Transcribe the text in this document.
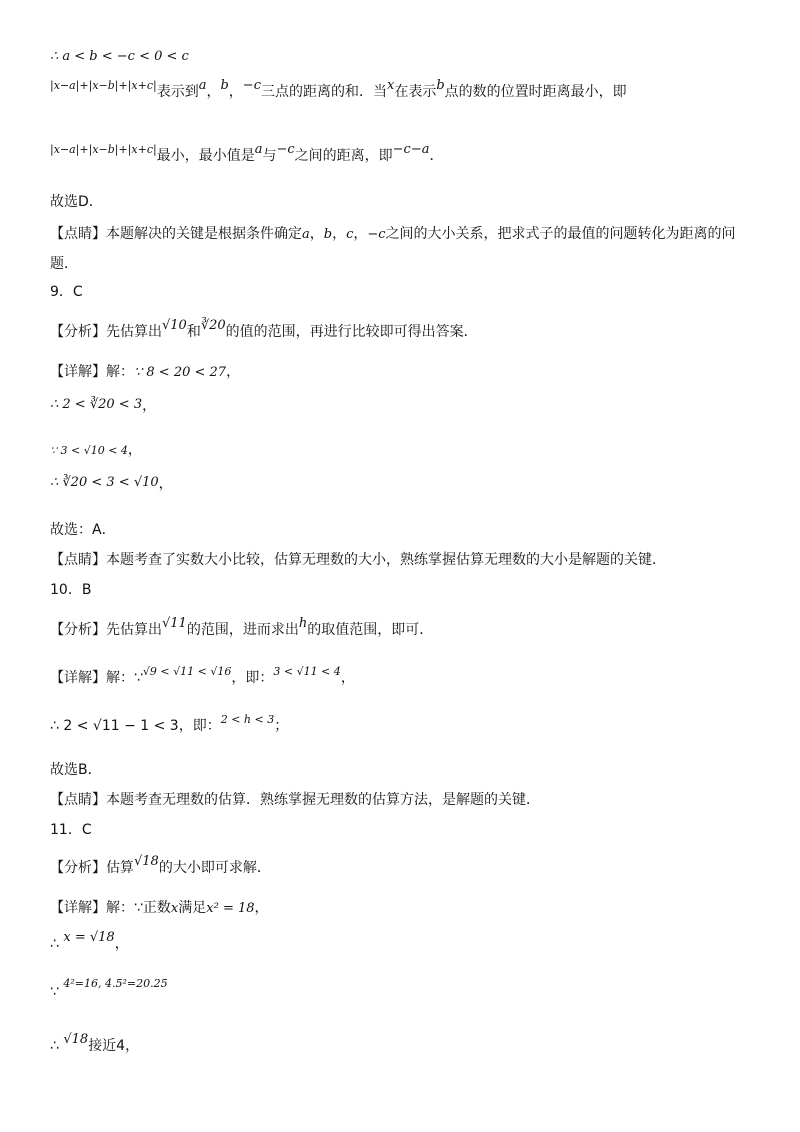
∴ a < b < −c < 0 < c
$^{|x-a|+|x-b|+|x+c|}$表示到a，b，−c三点的距离的和．当x在表示b点的数的位置时距离最小，即
$^{|x-a|+|x-b|+|x+c|}$最小，最小值是a与−c之间的距离，即−c−a．
故选D．
【点睛】本题解决的关键是根据条件确定a，b，c，−c之间的大小关系，把求式子的最值的问题转化为距离的问
题．
9．C
【分析】先估算出√10和∛20的值的范围，再进行比较即可得出答案．
【详解】解：∵ 8 < 20 < 27，
∴ 2 < ∛20 < 3，
∵ 3 < √10 < 4，
∴ ∛20 < 3 < √10，
故选：A．
【点睛】本题考查了实数大小比较，估算无理数的大小，熟练掌握估算无理数的大小是解题的关键．
10．B
【分析】先估算出√11的范围，进而求出h的取值范围，即可．
【详解】解：∵$^{√9 < √11 < √16}$，即：$^{3 < √11 < 4}$，
∴ 2 < √11 − 1 < 3，即：$^{2 < h < 3}$；
故选B．
【点睛】本题考查无理数的估算．熟练掌握无理数的估算方法，是解题的关键．
11．C
【分析】估算√18的大小即可求解．
【详解】解：∵正数x满足x² = 18，
∴ x = √18，
∵ $^{4^2=16, 4.5^2=20.25}$
∴ √18接近4，
